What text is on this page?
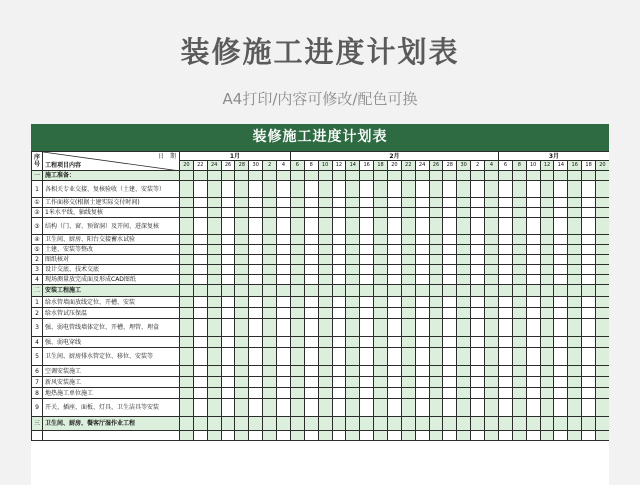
装修施工进度计划表
A4打印/内容可修改/配色可换
装修施工进度计划表
序号	日　期
工程项目内容	1月								2月															3月							
		20	22	24	26	28	30	2	4	6	8	10	12	14	16	18	20	22	24	26	28	30	2	4	6	8	10	12	14	16	18	20
一	施工准备：																															
1	各相关专业交接、复核验收（土建、安装等）																															
①	工作面移交(根据土建实际交付时间)																															
②	1米水平线、轴线复核																															
③	结构（门、窗、预留洞）及开间、进深复核																															
④	卫生间、厨房、阳台交接蓄水试验																															
⑤	土建、安装等整改																															
2	图纸核对																															
3	设计交底、技术交底																															
4	现场测量放完成面及形成CAD图纸																															
二	安装工程施工																															
1	给水管墙面放线定位、开槽、安装																															
2	给水管试压保温																															
3	强、弱电管线墙体定位、开槽、埋管、埋盒																															
4	强、弱电穿线																															
5	卫生间、厨房排水管定位、移位、安装等																															
6	空调安装施工																															
7	新风安装施工																															
8	地热施工单位施工																															
9	开关、插座、面板、灯具、卫生洁具等安装																															
三	卫生间、厨房、餐客厅湿作业工程																															
